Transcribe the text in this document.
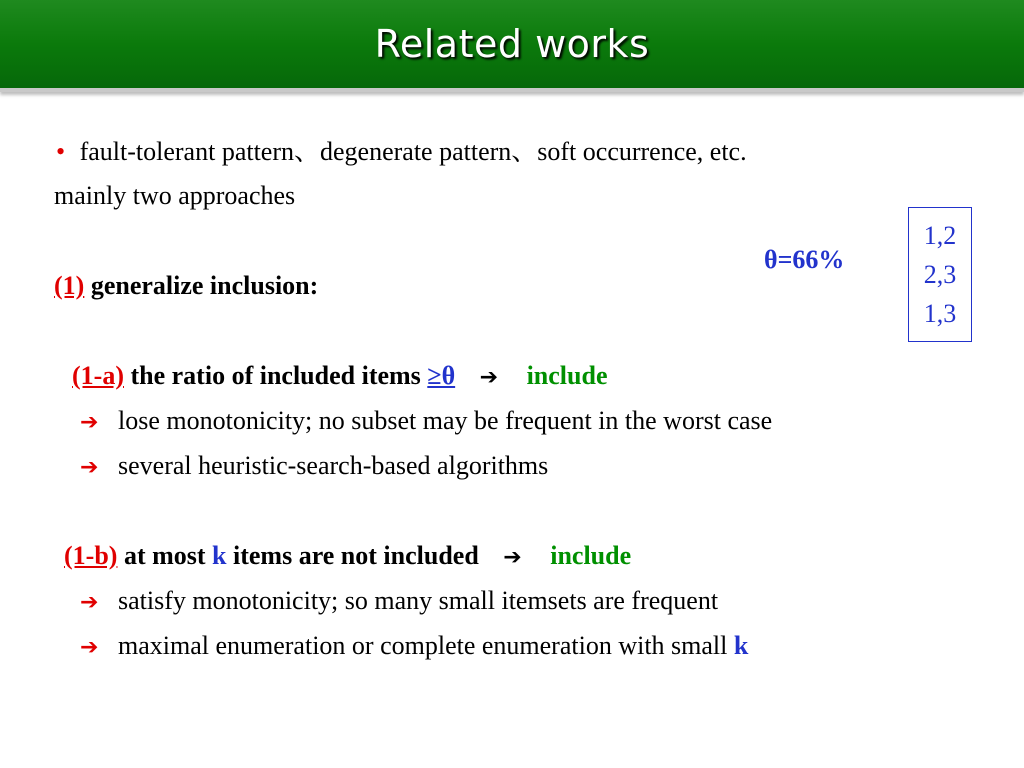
Related works
• fault-tolerant pattern、degenerate pattern、soft occurrence, etc.
mainly two approaches
θ=66%
1,2
2,3
1,3
(1) generalize inclusion:
(1-a) the ratio of included items ≥θ ➔ include
➔ lose monotonicity; no subset may be frequent in the worst case
➔ several heuristic-search-based algorithms
(1-b) at most k items are not included ➔ include
➔ satisfy monotonicity; so many small itemsets are frequent
➔ maximal enumeration or complete enumeration with small k
